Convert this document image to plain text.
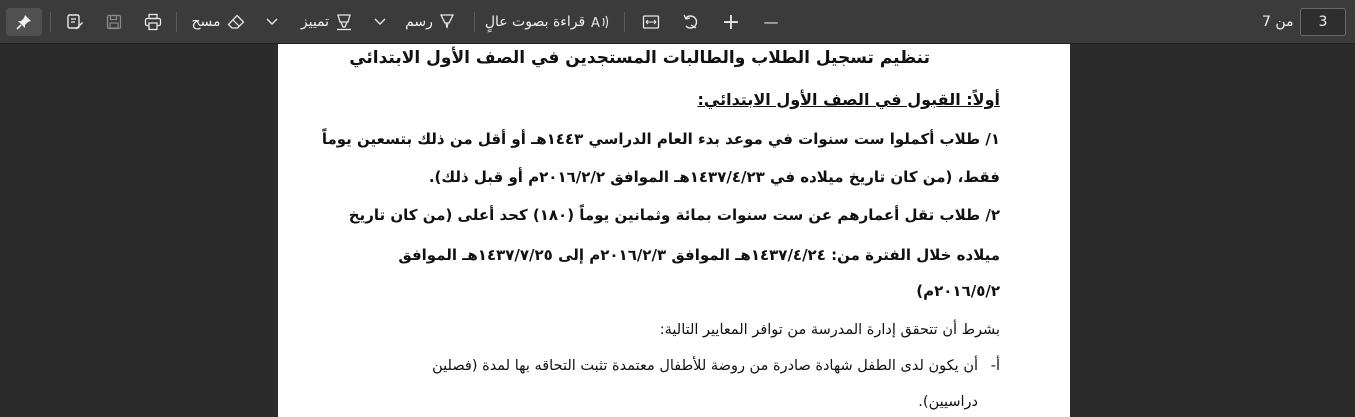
مسح	تمييز	رسم	قراءة بصوت عالٍ A	+ —	من 7	3
تنظيم تسجيل الطلاب والطالبات المستجدين في الصف الأول الابتدائي
أولاً: القبول في الصف الأول الابتدائي:
١/ طلاب أكملوا ست سنوات في موعد بدء العام الدراسي ١٤٤٣هـ أو أقل من ذلك بتسعين يوماً
فقط، (من كان تاريخ ميلاده في ١٤٣٧/٤/٢٣هـ الموافق ٢٠١٦/٢/٢م أو قبل ذلك).
٢/ طلاب تقل أعمارهم عن ست سنوات بمائة وثمانين يوماً (١٨٠) كحد أعلى (من كان تاريخ
ميلاده خلال الفترة من: ١٤٣٧/٤/٢٤هـ الموافق ٢٠١٦/٢/٣م إلى ١٤٣٧/٧/٢٥هـ الموافق
٢٠١٦/٥/٢م)
بشرط أن تتحقق إدارة المدرسة من توافر المعايير التالية:
أن يكون لدى الطفل شهادة صادرة من روضة للأطفال معتمدة تثبت التحاقه بها لمدة (فصلين أ-
دراسيين).
